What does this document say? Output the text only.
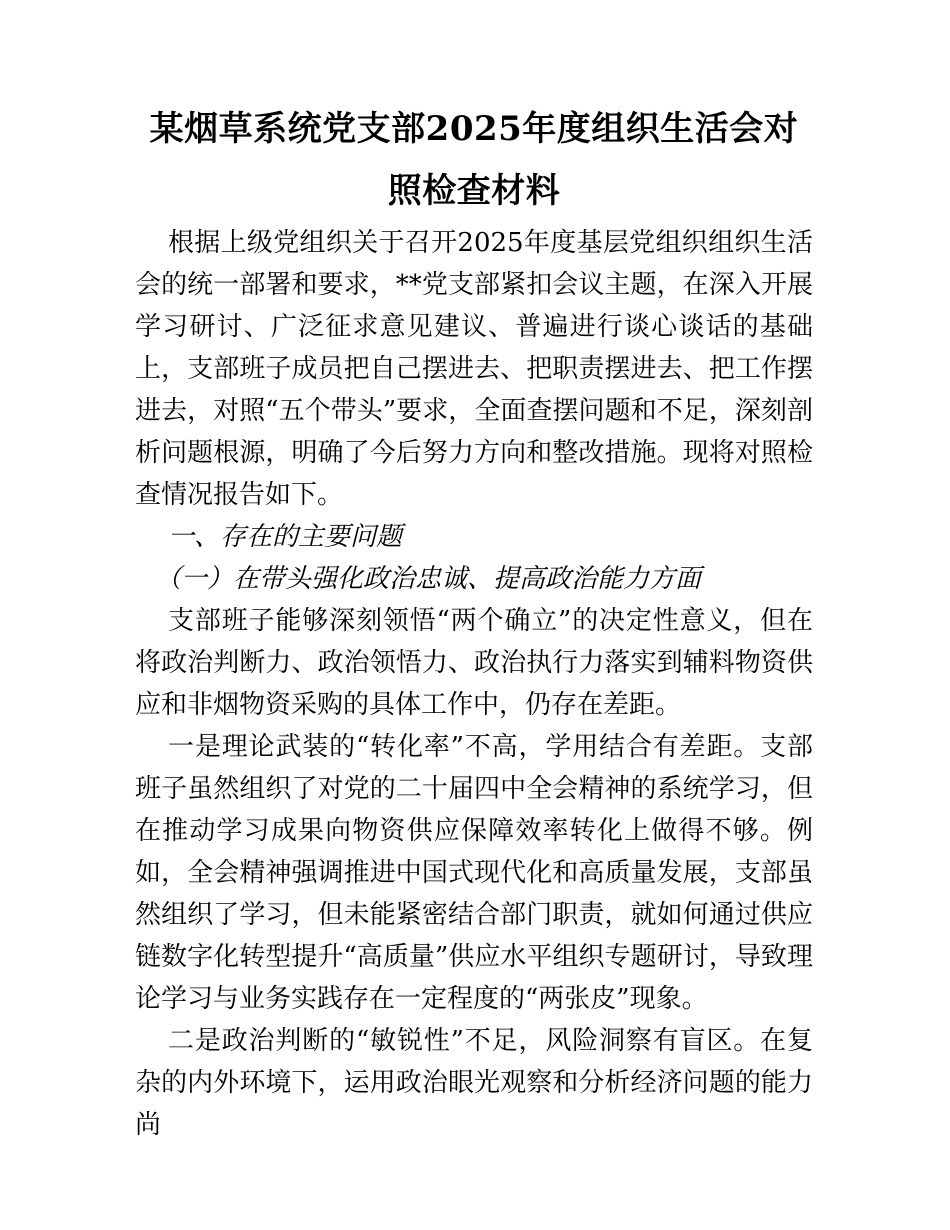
某烟草系统党支部2025年度组织生活会对照检查材料

根据上级党组织关于召开2025年度基层党组织组织生活会的统一部署和要求，**党支部紧扣会议主题，在深入开展学习研讨、广泛征求意见建议、普遍进行谈心谈话的基础上，支部班子成员把自己摆进去、把职责摆进去、把工作摆进去，对照“五个带头”要求，全面查摆问题和不足，深刻剖析问题根源，明确了今后努力方向和整改措施。现将对照检查情况报告如下。

一、存在的主要问题

（一）在带头强化政治忠诚、提高政治能力方面

支部班子能够深刻领悟“两个确立”的决定性意义，但在将政治判断力、政治领悟力、政治执行力落实到辅料物资供应和非烟物资采购的具体工作中，仍存在差距。

一是理论武装的“转化率”不高，学用结合有差距。支部班子虽然组织了对党的二十届四中全会精神的系统学习，但在推动学习成果向物资供应保障效率转化上做得不够。例如，全会精神强调推进中国式现代化和高质量发展，支部虽然组织了学习，但未能紧密结合部门职责，就如何通过供应链数字化转型提升“高质量”供应水平组织专题研讨，导致理论学习与业务实践存在一定程度的“两张皮”现象。

二是政治判断的“敏锐性”不足，风险洞察有盲区。在复杂的内外环境下，运用政治眼光观察和分析经济问题的能力尚
